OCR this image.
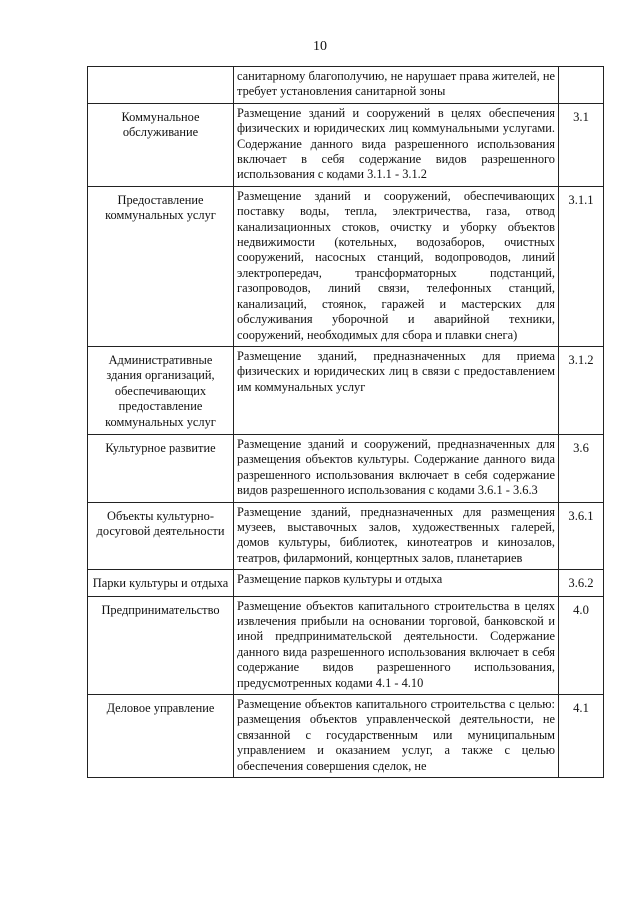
10
	санитарному благополучию, не нарушает права жителей, не требует установления санитарной зоны	
Коммунальное обслуживание	Размещение зданий и сооружений в целях обеспечения физических и юридических лиц коммунальными услугами. Содержание данного вида разрешенного использования включает в себя содержание видов разрешенного использования с кодами 3.1.1 - 3.1.2	3.1
Предоставление коммунальных услуг	Размещение зданий и сооружений, обеспечивающих поставку воды, тепла, электричества, газа, отвод канализационных стоков, очистку и уборку объектов недвижимости (котельных, водозаборов, очистных сооружений, насосных станций, водопроводов, линий электропередач, трансформаторных подстанций, газопроводов, линий связи, телефонных станций, канализаций, стоянок, гаражей и мастерских для обслуживания уборочной и аварийной техники, сооружений, необходимых для сбора и плавки снега)	3.1.1
Административные здания организаций, обеспечивающих предоставление коммунальных услуг	Размещение зданий, предназначенных для приема физических и юридических лиц в связи с предоставлением им коммунальных услуг	3.1.2
Культурное развитие	Размещение зданий и сооружений, предназначенных для размещения объектов культуры. Содержание данного вида разрешенного использования включает в себя содержание видов разрешенного использования с кодами 3.6.1 - 3.6.3	3.6
Объекты культурно-досуговой деятельности	Размещение зданий, предназначенных для размещения музеев, выставочных залов, художественных галерей, домов культуры, библиотек, кинотеатров и кинозалов, театров, филармоний, концертных залов, планетариев	3.6.1
Парки культуры и отдыха	Размещение парков культуры и отдыха	3.6.2
Предпринимательство	Размещение объектов капитального строительства в целях извлечения прибыли на основании торговой, банковской и иной предпринимательской деятельности. Содержание данного вида разрешенного использования включает в себя содержание видов разрешенного использования, предусмотренных кодами 4.1 - 4.10	4.0
Деловое управление	Размещение объектов капитального строительства с целью: размещения объектов управленческой деятельности, не связанной с государственным или муниципальным управлением и оказанием услуг, а также с целью обеспечения совершения сделок, не	4.1
